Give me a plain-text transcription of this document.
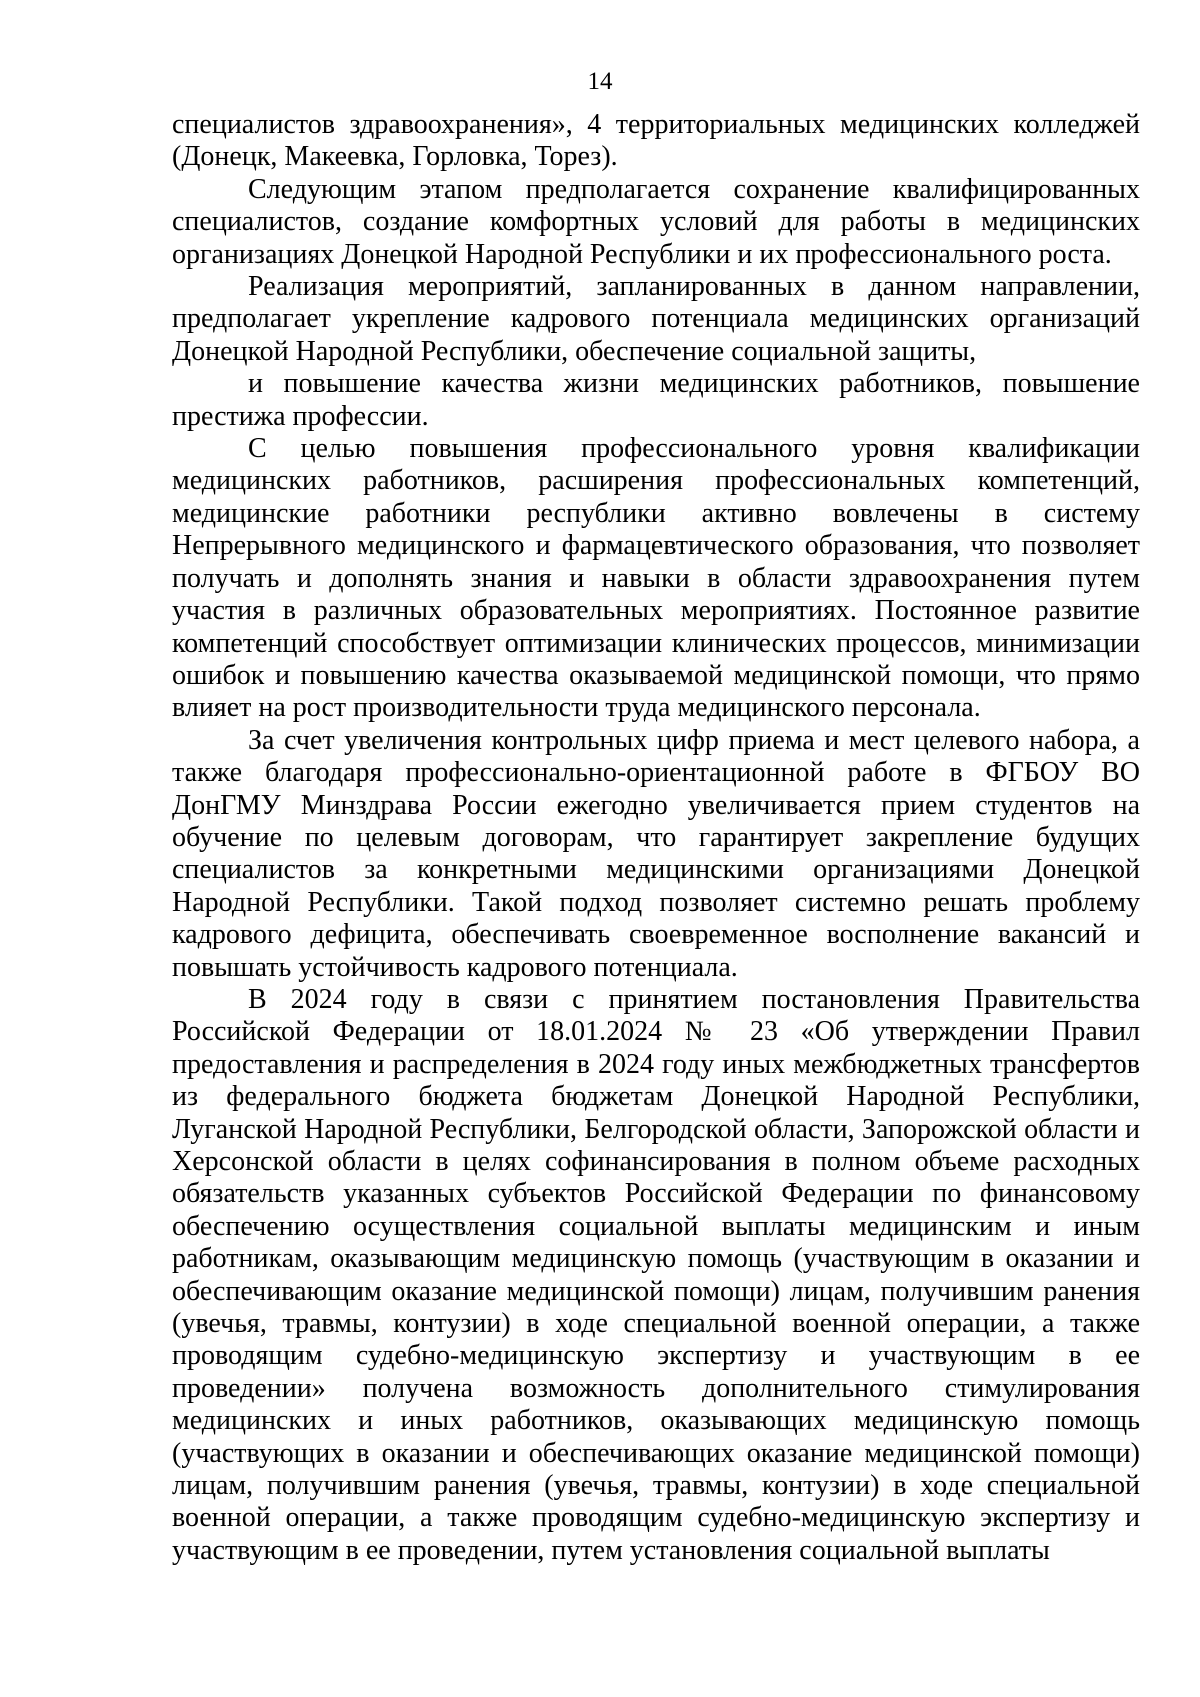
14

специалистов здравоохранения», 4 территориальных медицинских колледжей (Донецк, Макеевка, Горловка, Торез).

Следующим этапом предполагается сохранение квалифицированных специалистов, создание комфортных условий для работы в медицинских организациях Донецкой Народной Республики и их профессионального роста.

Реализация мероприятий, запланированных в данном направлении, предполагает укрепление кадрового потенциала медицинских организаций Донецкой Народной Республики, обеспечение социальной защиты,

и повышение качества жизни медицинских работников, повышение престижа профессии.

С целью повышения профессионального уровня квалификации медицинских работников, расширения профессиональных компетенций, медицинские работники республики активно вовлечены в систему Непрерывного медицинского и фармацевтического образования, что позволяет получать и дополнять знания и навыки в области здравоохранения путем участия в различных образовательных мероприятиях. Постоянное развитие компетенций способствует оптимизации клинических процессов, минимизации ошибок и повышению качества оказываемой медицинской помощи, что прямо влияет на рост производительности труда медицинского персонала.

За счет увеличения контрольных цифр приема и мест целевого набора, а также благодаря профессионально-ориентационной работе в ФГБОУ ВО ДонГМУ Минздрава России ежегодно увеличивается прием студентов на обучение по целевым договорам, что гарантирует закрепление будущих специалистов за конкретными медицинскими организациями Донецкой Народной Республики. Такой подход позволяет системно решать проблему кадрового дефицита, обеспечивать своевременное восполнение вакансий и повышать устойчивость кадрового потенциала.

В 2024 году в связи с принятием постановления Правительства Российской Федерации от 18.01.2024 № 23 «Об утверждении Правил предоставления и распределения в 2024 году иных межбюджетных трансфертов из федерального бюджета бюджетам Донецкой Народной Республики, Луганской Народной Республики, Белгородской области, Запорожской области и Херсонской области в целях софинансирования в полном объеме расходных обязательств указанных субъектов Российской Федерации по финансовому обеспечению осуществления социальной выплаты медицинским и иным работникам, оказывающим медицинскую помощь (участвующим в оказании и обеспечивающим оказание медицинской помощи) лицам, получившим ранения (увечья, травмы, контузии) в ходе специальной военной операции, а также проводящим судебно-медицинскую экспертизу и участвующим в ее проведении» получена возможность дополнительного стимулирования медицинских и иных работников, оказывающих медицинскую помощь (участвующих в оказании и обеспечивающих оказание медицинской помощи) лицам, получившим ранения (увечья, травмы, контузии) в ходе специальной военной операции, а также проводящим судебно-медицинскую экспертизу и участвующим в ее проведении, путем установления социальной выплаты
